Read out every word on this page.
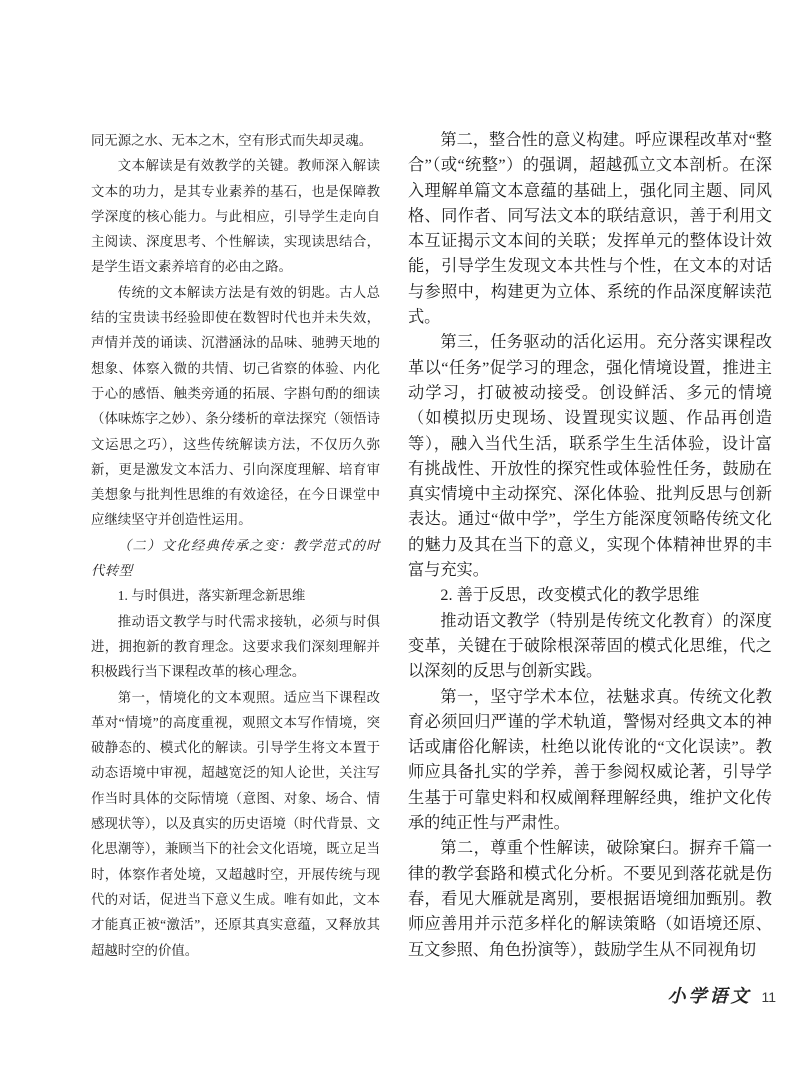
同无源之水、无本之木，空有形式而失却灵魂。

文本解读是有效教学的关键。教师深入解读文本的功力，是其专业素养的基石，也是保障教学深度的核心能力。与此相应，引导学生走向自主阅读、深度思考、个性解读，实现读思结合，是学生语文素养培育的必由之路。

传统的文本解读方法是有效的钥匙。古人总结的宝贵读书经验即使在数智时代也并未失效，声情并茂的诵读、沉潜涵泳的品味、驰骋天地的想象、体察入微的共情、切己省察的体验、内化于心的感悟、触类旁通的拓展、字斟句酌的细读（体味炼字之妙）、条分缕析的章法探究（领悟诗文运思之巧），这些传统解读方法，不仅历久弥新，更是激发文本活力、引向深度理解、培育审美想象与批判性思维的有效途径，在今日课堂中应继续坚守并创造性运用。

（二）文化经典传承之变：教学范式的时代转型

1. 与时俱进，落实新理念新思维

推动语文教学与时代需求接轨，必须与时俱进，拥抱新的教育理念。这要求我们深刻理解并积极践行当下课程改革的核心理念。

第一，情境化的文本观照。适应当下课程改革对“情境”的高度重视，观照文本写作情境，突破静态的、模式化的解读。引导学生将文本置于动态语境中审视，超越宽泛的知人论世，关注写作当时具体的交际情境（意图、对象、场合、情感现状等），以及真实的历史语境（时代背景、文化思潮等），兼顾当下的社会文化语境，既立足当时，体察作者处境，又超越时空，开展传统与现代的对话，促进当下意义生成。唯有如此，文本才能真正被“激活”，还原其真实意蕴，又释放其超越时空的价值。

第二，整合性的意义构建。呼应课程改革对“整合”（或“统整”）的强调，超越孤立文本剖析。在深入理解单篇文本意蕴的基础上，强化同主题、同风格、同作者、同写法文本的联结意识，善于利用文本互证揭示文本间的关联；发挥单元的整体设计效能，引导学生发现文本共性与个性，在文本的对话与参照中，构建更为立体、系统的作品深度解读范式。

第三，任务驱动的活化运用。充分落实课程改革以“任务”促学习的理念，强化情境设置，推进主动学习，打破被动接受。创设鲜活、多元的情境（如模拟历史现场、设置现实议题、作品再创造等），融入当代生活，联系学生生活体验，设计富有挑战性、开放性的探究性或体验性任务，鼓励在真实情境中主动探究、深化体验、批判反思与创新表达。通过“做中学”，学生方能深度领略传统文化的魅力及其在当下的意义，实现个体精神世界的丰富与充实。

2. 善于反思，改变模式化的教学思维

推动语文教学（特别是传统文化教育）的深度变革，关键在于破除根深蒂固的模式化思维，代之以深刻的反思与创新实践。

第一，坚守学术本位，祛魅求真。传统文化教育必须回归严谨的学术轨道，警惕对经典文本的神话或庸俗化解读，杜绝以讹传讹的“文化误读”。教师应具备扎实的学养，善于参阅权威论著，引导学生基于可靠史料和权威阐释理解经典，维护文化传承的纯正性与严肃性。

第二，尊重个性解读，破除窠臼。摒弃千篇一律的教学套路和模式化分析。不要见到落花就是伤春，看见大雁就是离别，要根据语境细加甄别。教师应善用并示范多样化的解读策略（如语境还原、互文参照、角色扮演等），鼓励学生从不同视角切

小学语文 11
